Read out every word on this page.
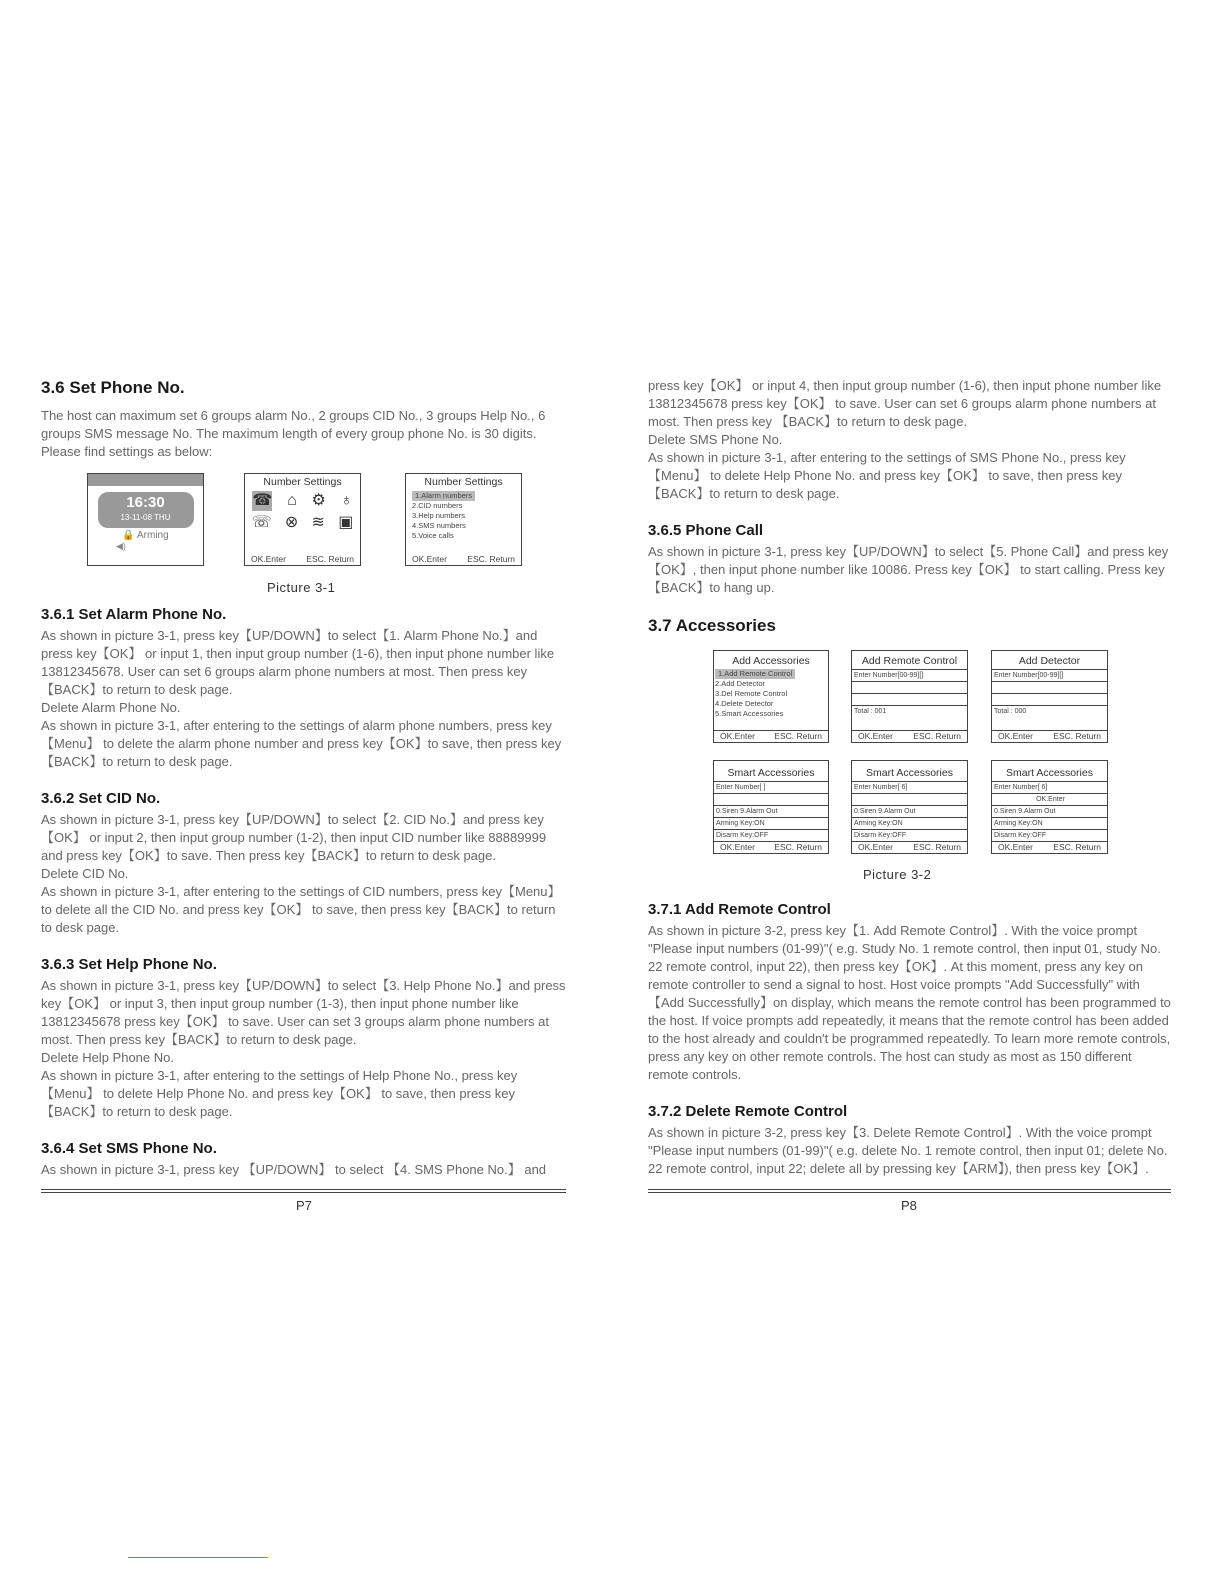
3.6 Set Phone No.

The host can maximum set 6 groups alarm No., 2 groups CID No., 3 groups Help No., 6 groups SMS message No. The maximum length of every group phone No. is 30 digits. Please find settings as below:

16:30
13-11-08 THU
🔒 Arming
◀)
Number Settings
☎ ⌂ ⚙ ♁
☏ ⊗ ≋ ▣
OK.Enter ESC. Return
Number Settings
1.Alarm numbers
2.CID numbers
3.Help numbers
4.SMS numbers
5.Voice calls
OK.Enter ESC. Return
Picture 3-1
3.6.1 Set Alarm Phone No.

As shown in picture 3-1, press key【UP/DOWN】to select【1. Alarm Phone No.】and press key【OK】 or input 1, then input group number (1-6), then input phone number like 13812345678. User can set 6 groups alarm phone numbers at most. Then press key【BACK】to return to desk page.

Delete Alarm Phone No.

As shown in picture 3-1, after entering to the settings of alarm phone numbers, press key【Menu】 to delete the alarm phone number and press key【OK】to save, then press key【BACK】to return to desk page.

3.6.2 Set CID No.

As shown in picture 3-1, press key【UP/DOWN】to select【2. CID No.】and press key【OK】 or input 2, then input group number (1-2), then input CID number like 88889999 and press key【OK】to save. Then press key【BACK】to return to desk page.

Delete CID No.

As shown in picture 3-1, after entering to the settings of CID numbers, press key【Menu】 to delete all the CID No. and press key【OK】 to save, then press key【BACK】to return to desk page.

3.6.3 Set Help Phone No.

As shown in picture 3-1, press key【UP/DOWN】to select【3. Help Phone No.】and press key【OK】 or input 3, then input group number (1-3), then input phone number like 13812345678 press key【OK】 to save. User can set 3 groups alarm phone numbers at most. Then press key【BACK】to return to desk page.

Delete Help Phone No.

As shown in picture 3-1, after entering to the settings of Help Phone No., press key【Menu】 to delete Help Phone No. and press key【OK】 to save, then press key【BACK】to return to desk page.

3.6.4 Set SMS Phone No.

As shown in picture 3-1, press key 【UP/DOWN】 to select 【4. SMS Phone No.】 and

P7

press key【OK】 or input 4, then input group number (1-6), then input phone number like 13812345678 press key【OK】 to save. User can set 6 groups alarm phone numbers at most. Then press key 【BACK】to return to desk page.

Delete SMS Phone No.

As shown in picture 3-1, after entering to the settings of SMS Phone No., press key【Menu】 to delete Help Phone No. and press key【OK】 to save, then press key【BACK】to return to desk page.

3.6.5 Phone Call

As shown in picture 3-1, press key【UP/DOWN】to select【5. Phone Call】and press key【OK】, then input phone number like 10086. Press key【OK】 to start calling. Press key【BACK】to hang up.

3.7 Accessories
Add Accessories
1.Add Remote Control
2.Add Detector
3.Del Remote Control
4.Delete Detector
5.Smart Accessories
OK.Enter ESC. Return
Add Remote Control
Enter Number[00-99][]
Total : 001
OK.Enter ESC. Return
Add Detector
Enter Number[00-99][]
Total : 000
OK.Enter ESC. Return
Smart Accessories
Enter Number[ ]
0.Siren 9.Alarm Out
Arming Key:ON
Disarm Key:OFF
OK.Enter ESC. Return
Smart Accessories
Enter Number[ 6]
0.Siren 9.Alarm Out
Arming Key:ON
Disarm Key:OFF
OK.Enter ESC. Return
Smart Accessories
Enter Number[ 6]
OK.Enter
0.Siren 9.Alarm Out
Arming Key:ON
Disarm Key:OFF
OK.Enter ESC. Return
Picture 3-2
3.7.1 Add Remote Control

As shown in picture 3-2, press key【1. Add Remote Control】. With the voice prompt "Please input numbers (01-99)"( e.g. Study No. 1 remote control, then input 01, study No. 22 remote control, input 22), then press key【OK】. At this moment, press any key on remote controller to send a signal to host. Host voice prompts "Add Successfully" with【Add Successfully】on display, which means the remote control has been programmed to the host. If voice prompts add repeatedly, it means that the remote control has been added to the host already and couldn't be programmed repeatedly. To learn more remote controls, press any key on other remote controls. The host can study as most as 150 different remote controls.

3.7.2 Delete Remote Control

As shown in picture 3-2, press key【3. Delete Remote Control】. With the voice prompt "Please input numbers (01-99)"( e.g. delete No. 1 remote control, then input 01; delete No. 22 remote control, input 22; delete all by pressing key【ARM】), then press key【OK】.

P8
